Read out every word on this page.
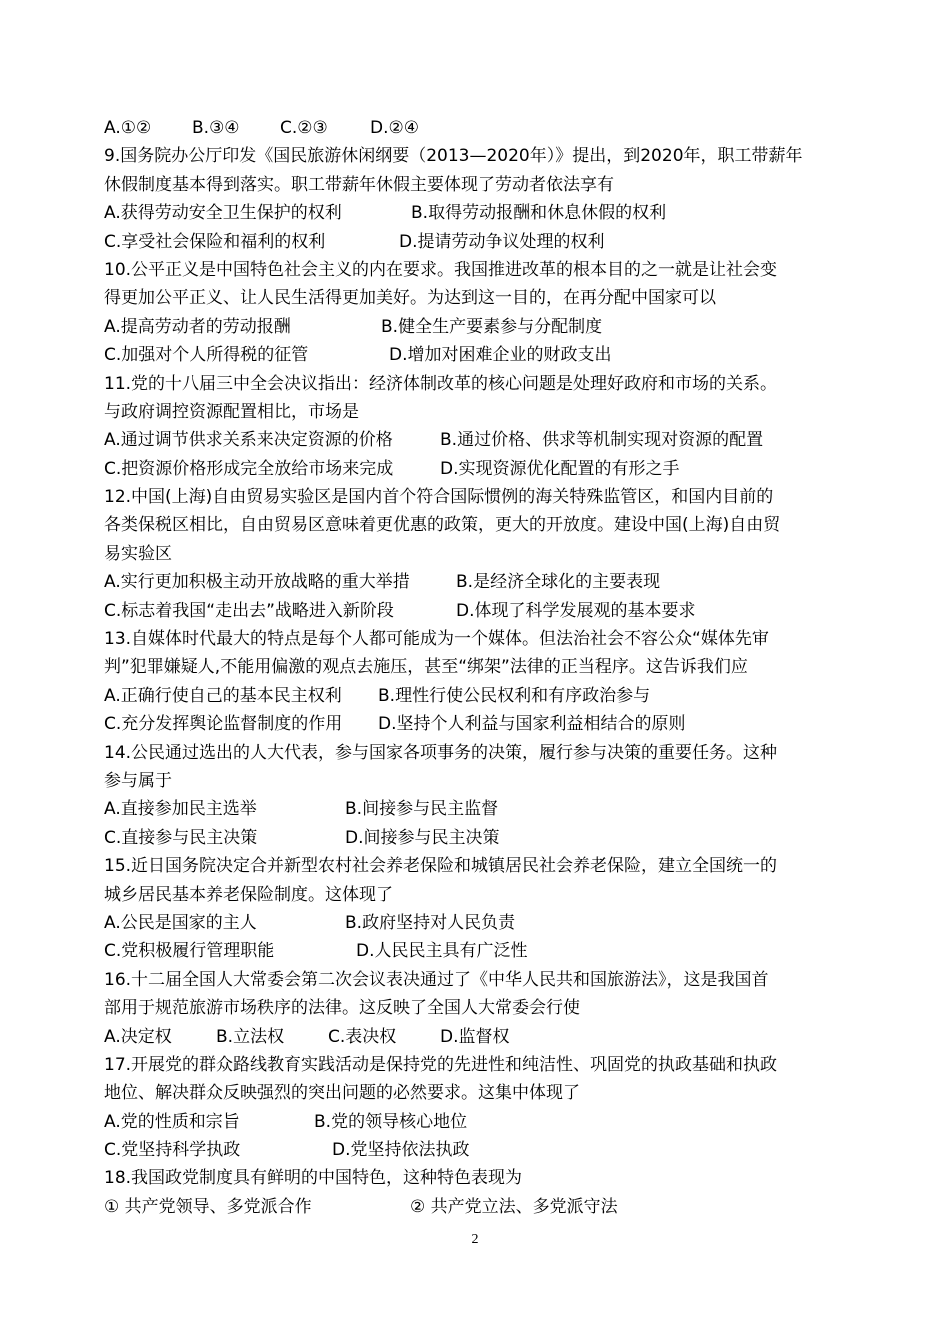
A.①② B.③④ C.②③ D.②④
9.国务院办公厅印发《国民旅游休闲纲要（2013—2020年）》提出，到2020年，职工带薪年
休假制度基本得到落实。职工带薪年休假主要体现了劳动者依法享有
A.获得劳动安全卫生保护的权利	B.取得劳动报酬和休息休假的权利
C.享受社会保险和福利的权利	D.提请劳动争议处理的权利
10.公平正义是中国特色社会主义的内在要求。我国推进改革的根本目的之一就是让社会变
得更加公平正义、让人民生活得更加美好。为达到这一目的，在再分配中国家可以
A.提高劳动者的劳动报酬	B.健全生产要素参与分配制度
C.加强对个人所得税的征管	D.增加对困难企业的财政支出
11.党的十八届三中全会决议指出：经济体制改革的核心问题是处理好政府和市场的关系。
与政府调控资源配置相比，市场是
A.通过调节供求关系来决定资源的价格	B.通过价格、供求等机制实现对资源的配置
C.把资源价格形成完全放给市场来完成	D.实现资源优化配置的有形之手
12.中国(上海)自由贸易实验区是国内首个符合国际惯例的海关特殊监管区，和国内目前的
各类保税区相比，自由贸易区意味着更优惠的政策，更大的开放度。建设中国(上海)自由贸
易实验区
A.实行更加积极主动开放战略的重大举措	B.是经济全球化的主要表现
C.标志着我国“走出去”战略进入新阶段	D.体现了科学发展观的基本要求
13.自媒体时代最大的特点是每个人都可能成为一个媒体。但法治社会不容公众“媒体先审
判”犯罪嫌疑人,不能用偏激的观点去施压，甚至“绑架”法律的正当程序。这告诉我们应
A.正确行使自己的基本民主权利 B.理性行使公民权利和有序政治参与
C.充分发挥舆论监督制度的作用 D.坚持个人利益与国家利益相结合的原则
14.公民通过选出的人大代表，参与国家各项事务的决策，履行参与决策的重要任务。这种
参与属于
A.直接参加民主选举	B.间接参与民主监督
C.直接参与民主决策	D.间接参与民主决策
15.近日国务院决定合并新型农村社会养老保险和城镇居民社会养老保险，建立全国统一的
城乡居民基本养老保险制度。这体现了
A.公民是国家的主人	B.政府坚持对人民负责
C.党积极履行管理职能	D.人民民主具有广泛性
16.十二届全国人大常委会第二次会议表决通过了《中华人民共和国旅游法》，这是我国首
部用于规范旅游市场秩序的法律。这反映了全国人大常委会行使
A.决定权	B.立法权	C.表决权	D.监督权
17.开展党的群众路线教育实践活动是保持党的先进性和纯洁性、巩固党的执政基础和执政
地位、解决群众反映强烈的突出问题的必然要求。这集中体现了
A.党的性质和宗旨	B.党的领导核心地位
C.党坚持科学执政	D.党坚持依法执政
18.我国政党制度具有鲜明的中国特色，这种特色表现为
① 共产党领导、多党派合作	② 共产党立法、多党派守法
2
